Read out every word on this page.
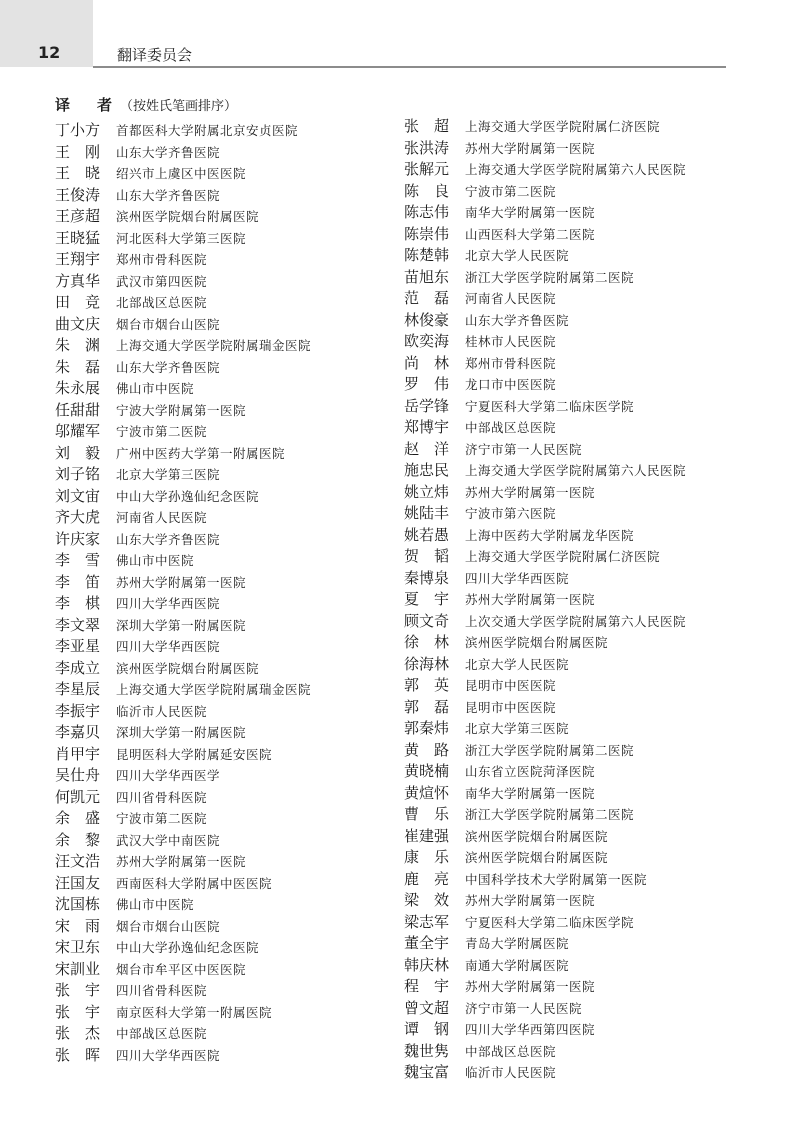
12	翻译委员会
译　者 （按姓氏笔画排序）
丁小方	首都医科大学附属北京安贞医院
王　刚	山东大学齐鲁医院
王　晓	绍兴市上虞区中医医院
王俊涛	山东大学齐鲁医院
王彦超	滨州医学院烟台附属医院
王晓猛	河北医科大学第三医院
王翔宇	郑州市骨科医院
方真华	武汉市第四医院
田　竞	北部战区总医院
曲文庆	烟台市烟台山医院
朱　渊	上海交通大学医学院附属瑞金医院
朱　磊	山东大学齐鲁医院
朱永展	佛山市中医院
任甜甜	宁波大学附属第一医院
邬耀军	宁波市第二医院
刘　毅	广州中医药大学第一附属医院
刘子铭	北京大学第三医院
刘文宙	中山大学孙逸仙纪念医院
齐大虎	河南省人民医院
许庆家	山东大学齐鲁医院
李　雪	佛山市中医院
李　笛	苏州大学附属第一医院
李　棋	四川大学华西医院
李文翠	深圳大学第一附属医院
李亚星	四川大学华西医院
李成立	滨州医学院烟台附属医院
李星辰	上海交通大学医学院附属瑞金医院
李振宇	临沂市人民医院
李嘉贝	深圳大学第一附属医院
肖甲宇	昆明医科大学附属延安医院
吴仕舟	四川大学华西医学
何凯元	四川省骨科医院
余　盛	宁波市第二医院
余　黎	武汉大学中南医院
汪文浩	苏州大学附属第一医院
汪国友	西南医科大学附属中医医院
沈国栋	佛山市中医院
宋　雨	烟台市烟台山医院
宋卫东	中山大学孙逸仙纪念医院
宋訓业	烟台市牟平区中医医院
张　宇	四川省骨科医院
张　宇	南京医科大学第一附属医院
张　杰	中部战区总医院
张　晖	四川大学华西医院
张　超	上海交通大学医学院附属仁济医院
张洪涛	苏州大学附属第一医院
张解元	上海交通大学医学院附属第六人民医院
陈　良	宁波市第二医院
陈志伟	南华大学附属第一医院
陈崇伟	山西医科大学第二医院
陈楚韩	北京大学人民医院
苗旭东	浙江大学医学院附属第二医院
范　磊	河南省人民医院
林俊豪	山东大学齐鲁医院
欧奕海	桂林市人民医院
尚　林	郑州市骨科医院
罗　伟	龙口市中医医院
岳学锋	宁夏医科大学第二临床医学院
郑博宇	中部战区总医院
赵　洋	济宁市第一人民医院
施忠民	上海交通大学医学院附属第六人民医院
姚立炜	苏州大学附属第一医院
姚陆丰	宁波市第六医院
姚若愚	上海中医药大学附属龙华医院
贺　韬	上海交通大学医学院附属仁济医院
秦博泉	四川大学华西医院
夏　宇	苏州大学附属第一医院
顾文奇	上次交通大学医学院附属第六人民医院
徐　林	滨州医学院烟台附属医院
徐海林	北京大学人民医院
郭　英	昆明市中医医院
郭　磊	昆明市中医医院
郭秦炜	北京大学第三医院
黄　路	浙江大学医学院附属第二医院
黄晓楠	山东省立医院菏泽医院
黄煊怀	南华大学附属第一医院
曹　乐	浙江大学医学院附属第二医院
崔建强	滨州医学院烟台附属医院
康　乐	滨州医学院烟台附属医院
鹿　亮	中国科学技术大学附属第一医院
梁　效	苏州大学附属第一医院
梁志军	宁夏医科大学第二临床医学院
董全宇	青岛大学附属医院
韩庆林	南通大学附属医院
程　宇	苏州大学附属第一医院
曾文超	济宁市第一人民医院
谭　钢	四川大学华西第四医院
魏世隽	中部战区总医院
魏宝富	临沂市人民医院
